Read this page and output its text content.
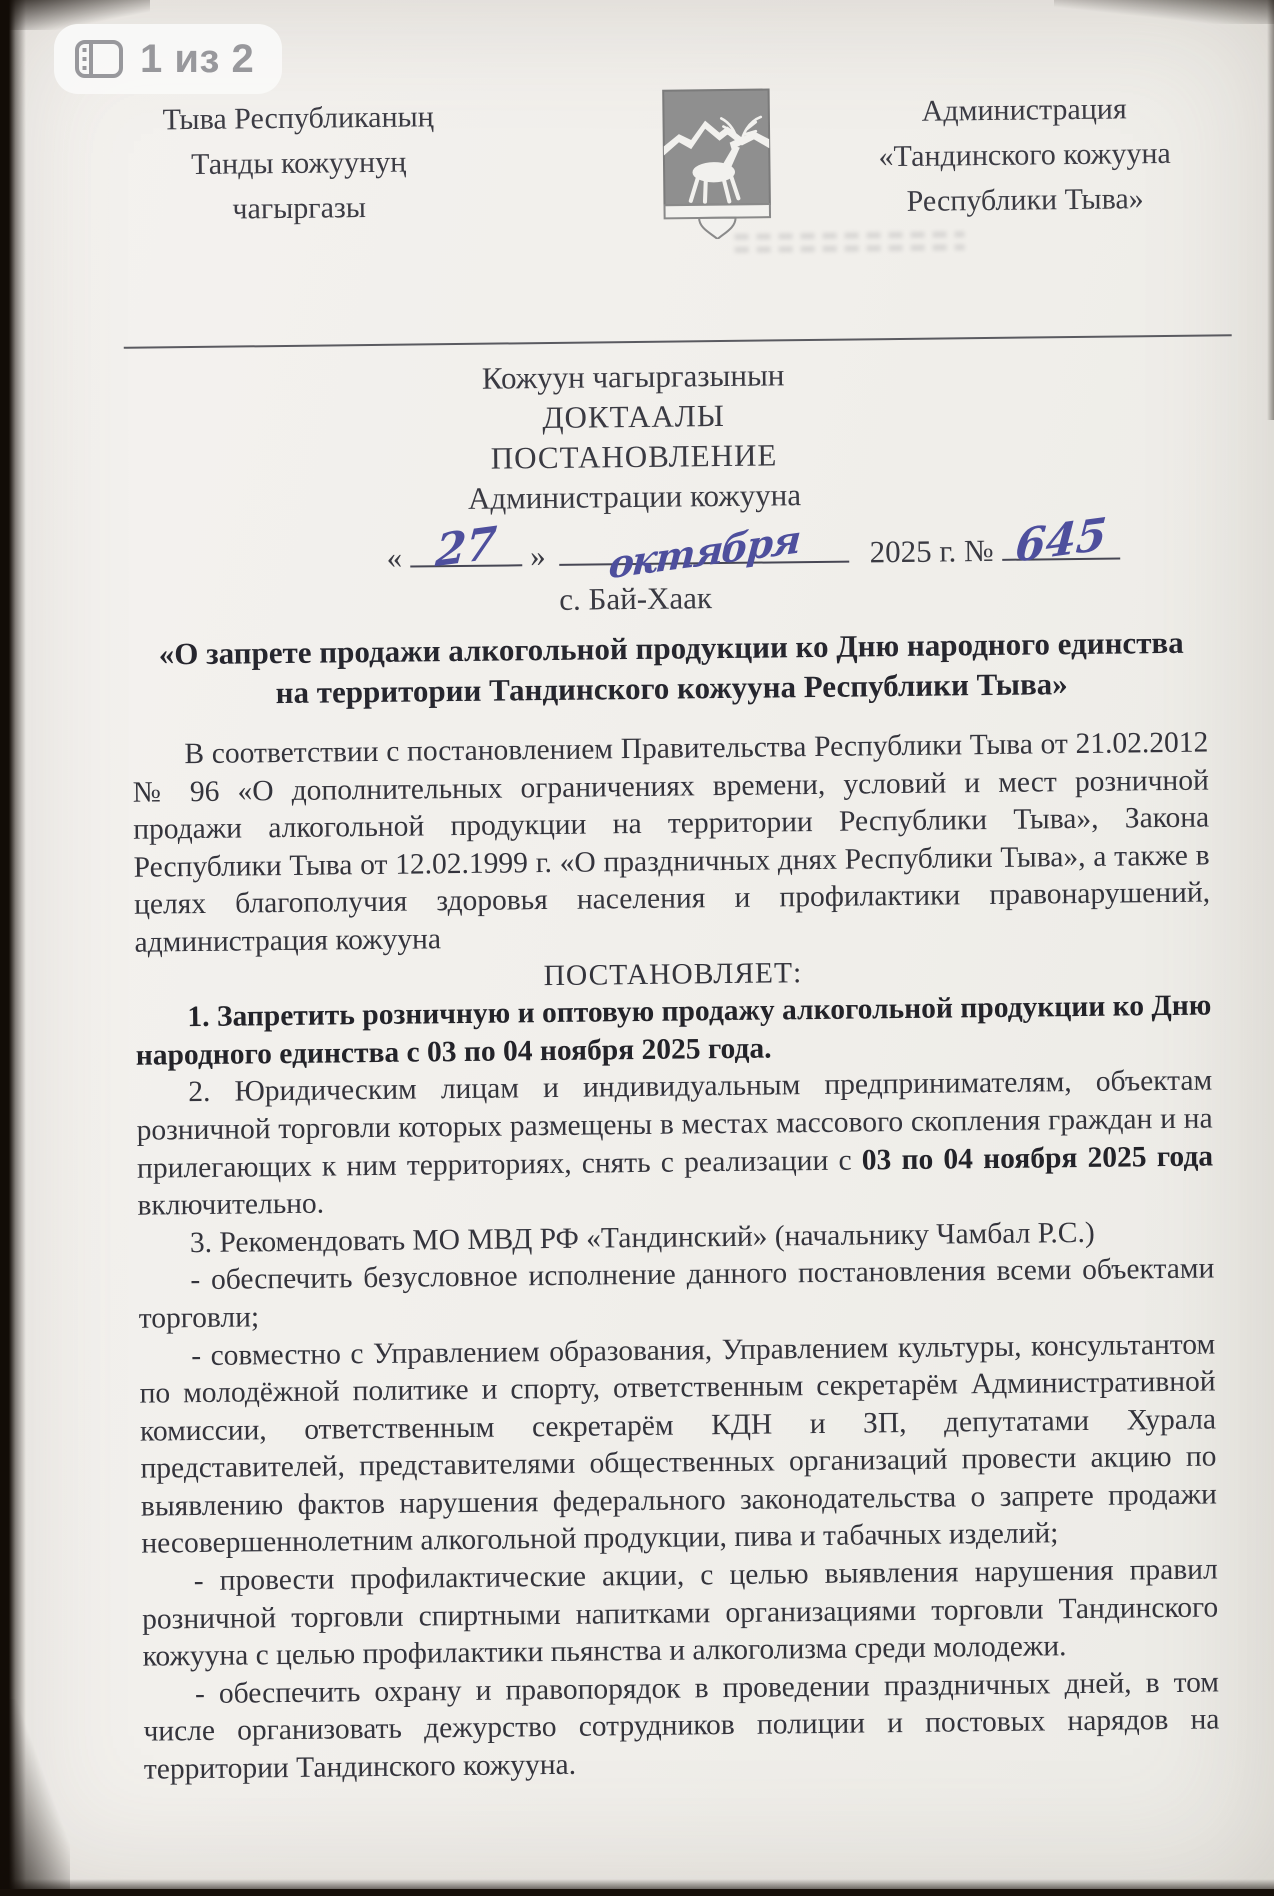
1 из 2
Тыва Республиканың
Танды кожуунуң
чагыргазы
Администрация
«Тандинского кожууна
Республики Тыва»
Кожуун чагыргазынын
ДОКТААЛЫ
ПОСТАНОВЛЕНИЕ
Администрации кожууна
« 27 » октября 2025 г. № 645
с. Бай-Хаак
«О запрете продажи алкогольной продукции ко Дню народного единства
на территории Тандинского кожууна Республики Тыва»

В соответствии с постановлением Правительства Республики Тыва от 21.02.2012 № 96 «О дополнительных ограничениях времени, условий и мест розничной продажи алкогольной продукции на территории Республики Тыва», Закона Республики Тыва от 12.02.1999 г. «О праздничных днях Республики Тыва», а также в целях благополучия здоровья населения и профилактики правонарушений, администрация кожууна

ПОСТАНОВЛЯЕТ:

1. Запретить розничную и оптовую продажу алкогольной продукции ко Дню народного единства с 03 по 04 ноября 2025 года.

2. Юридическим лицам и индивидуальным предпринимателям, объектам розничной торговли которых размещены в местах массового скопления граждан и на прилегающих к ним территориях, снять с реализации с 03 по 04 ноября 2025 года включительно.

3. Рекомендовать МО МВД РФ «Тандинский» (начальнику Чамбал Р.С.)

- обеспечить безусловное исполнение данного постановления всеми объектами торговли;

- совместно с Управлением образования, Управлением культуры, консультантом по молодёжной политике и спорту, ответственным секретарём Административной комиссии, ответственным секретарём КДН и ЗП, депутатами Хурала представителей, представителями общественных организаций провести акцию по выявлению фактов нарушения федерального законодательства о запрете продажи несовершеннолетним алкогольной продукции, пива и табачных изделий;

- провести профилактические акции, с целью выявления нарушения правил розничной торговли спиртными напитками организациями торговли Тандинского кожууна с целью профилактики пьянства и алкоголизма среди молодежи.

- обеспечить охрану и правопорядок в проведении праздничных дней, в том числе организовать дежурство сотрудников полиции и постовых нарядов на территории Тандинского кожууна.
